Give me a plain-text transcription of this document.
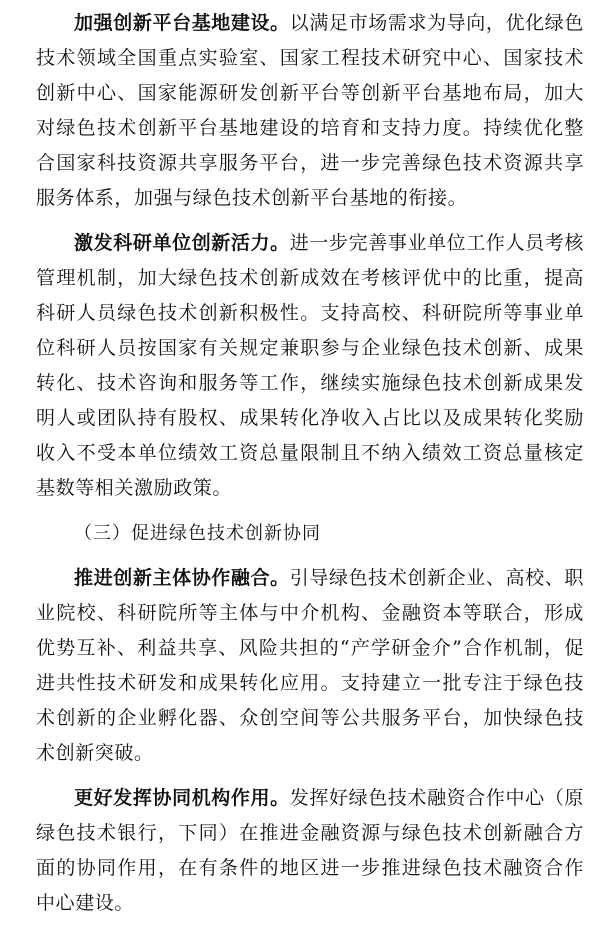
加强创新平台基地建设。以满足市场需求为导向，优化绿色技术领域全国重点实验室、国家工程技术研究中心、国家技术创新中心、国家能源研发创新平台等创新平台基地布局，加大对绿色技术创新平台基地建设的培育和支持力度。持续优化整合国家科技资源共享服务平台，进一步完善绿色技术资源共享服务体系，加强与绿色技术创新平台基地的衔接。

激发科研单位创新活力。进一步完善事业单位工作人员考核管理机制，加大绿色技术创新成效在考核评优中的比重，提高科研人员绿色技术创新积极性。支持高校、科研院所等事业单位科研人员按国家有关规定兼职参与企业绿色技术创新、成果转化、技术咨询和服务等工作，继续实施绿色技术创新成果发明人或团队持有股权、成果转化净收入占比以及成果转化奖励收入不受本单位绩效工资总量限制且不纳入绩效工资总量核定基数等相关激励政策。

（三）促进绿色技术创新协同

推进创新主体协作融合。引导绿色技术创新企业、高校、职业院校、科研院所等主体与中介机构、金融资本等联合，形成优势互补、利益共享、风险共担的“产学研金介”合作机制，促进共性技术研发和成果转化应用。支持建立一批专注于绿色技术创新的企业孵化器、众创空间等公共服务平台，加快绿色技术创新突破。

更好发挥协同机构作用。发挥好绿色技术融资合作中心（原绿色技术银行，下同）在推进金融资源与绿色技术创新融合方面的协同作用，在有条件的地区进一步推进绿色技术融资合作中心建设。
